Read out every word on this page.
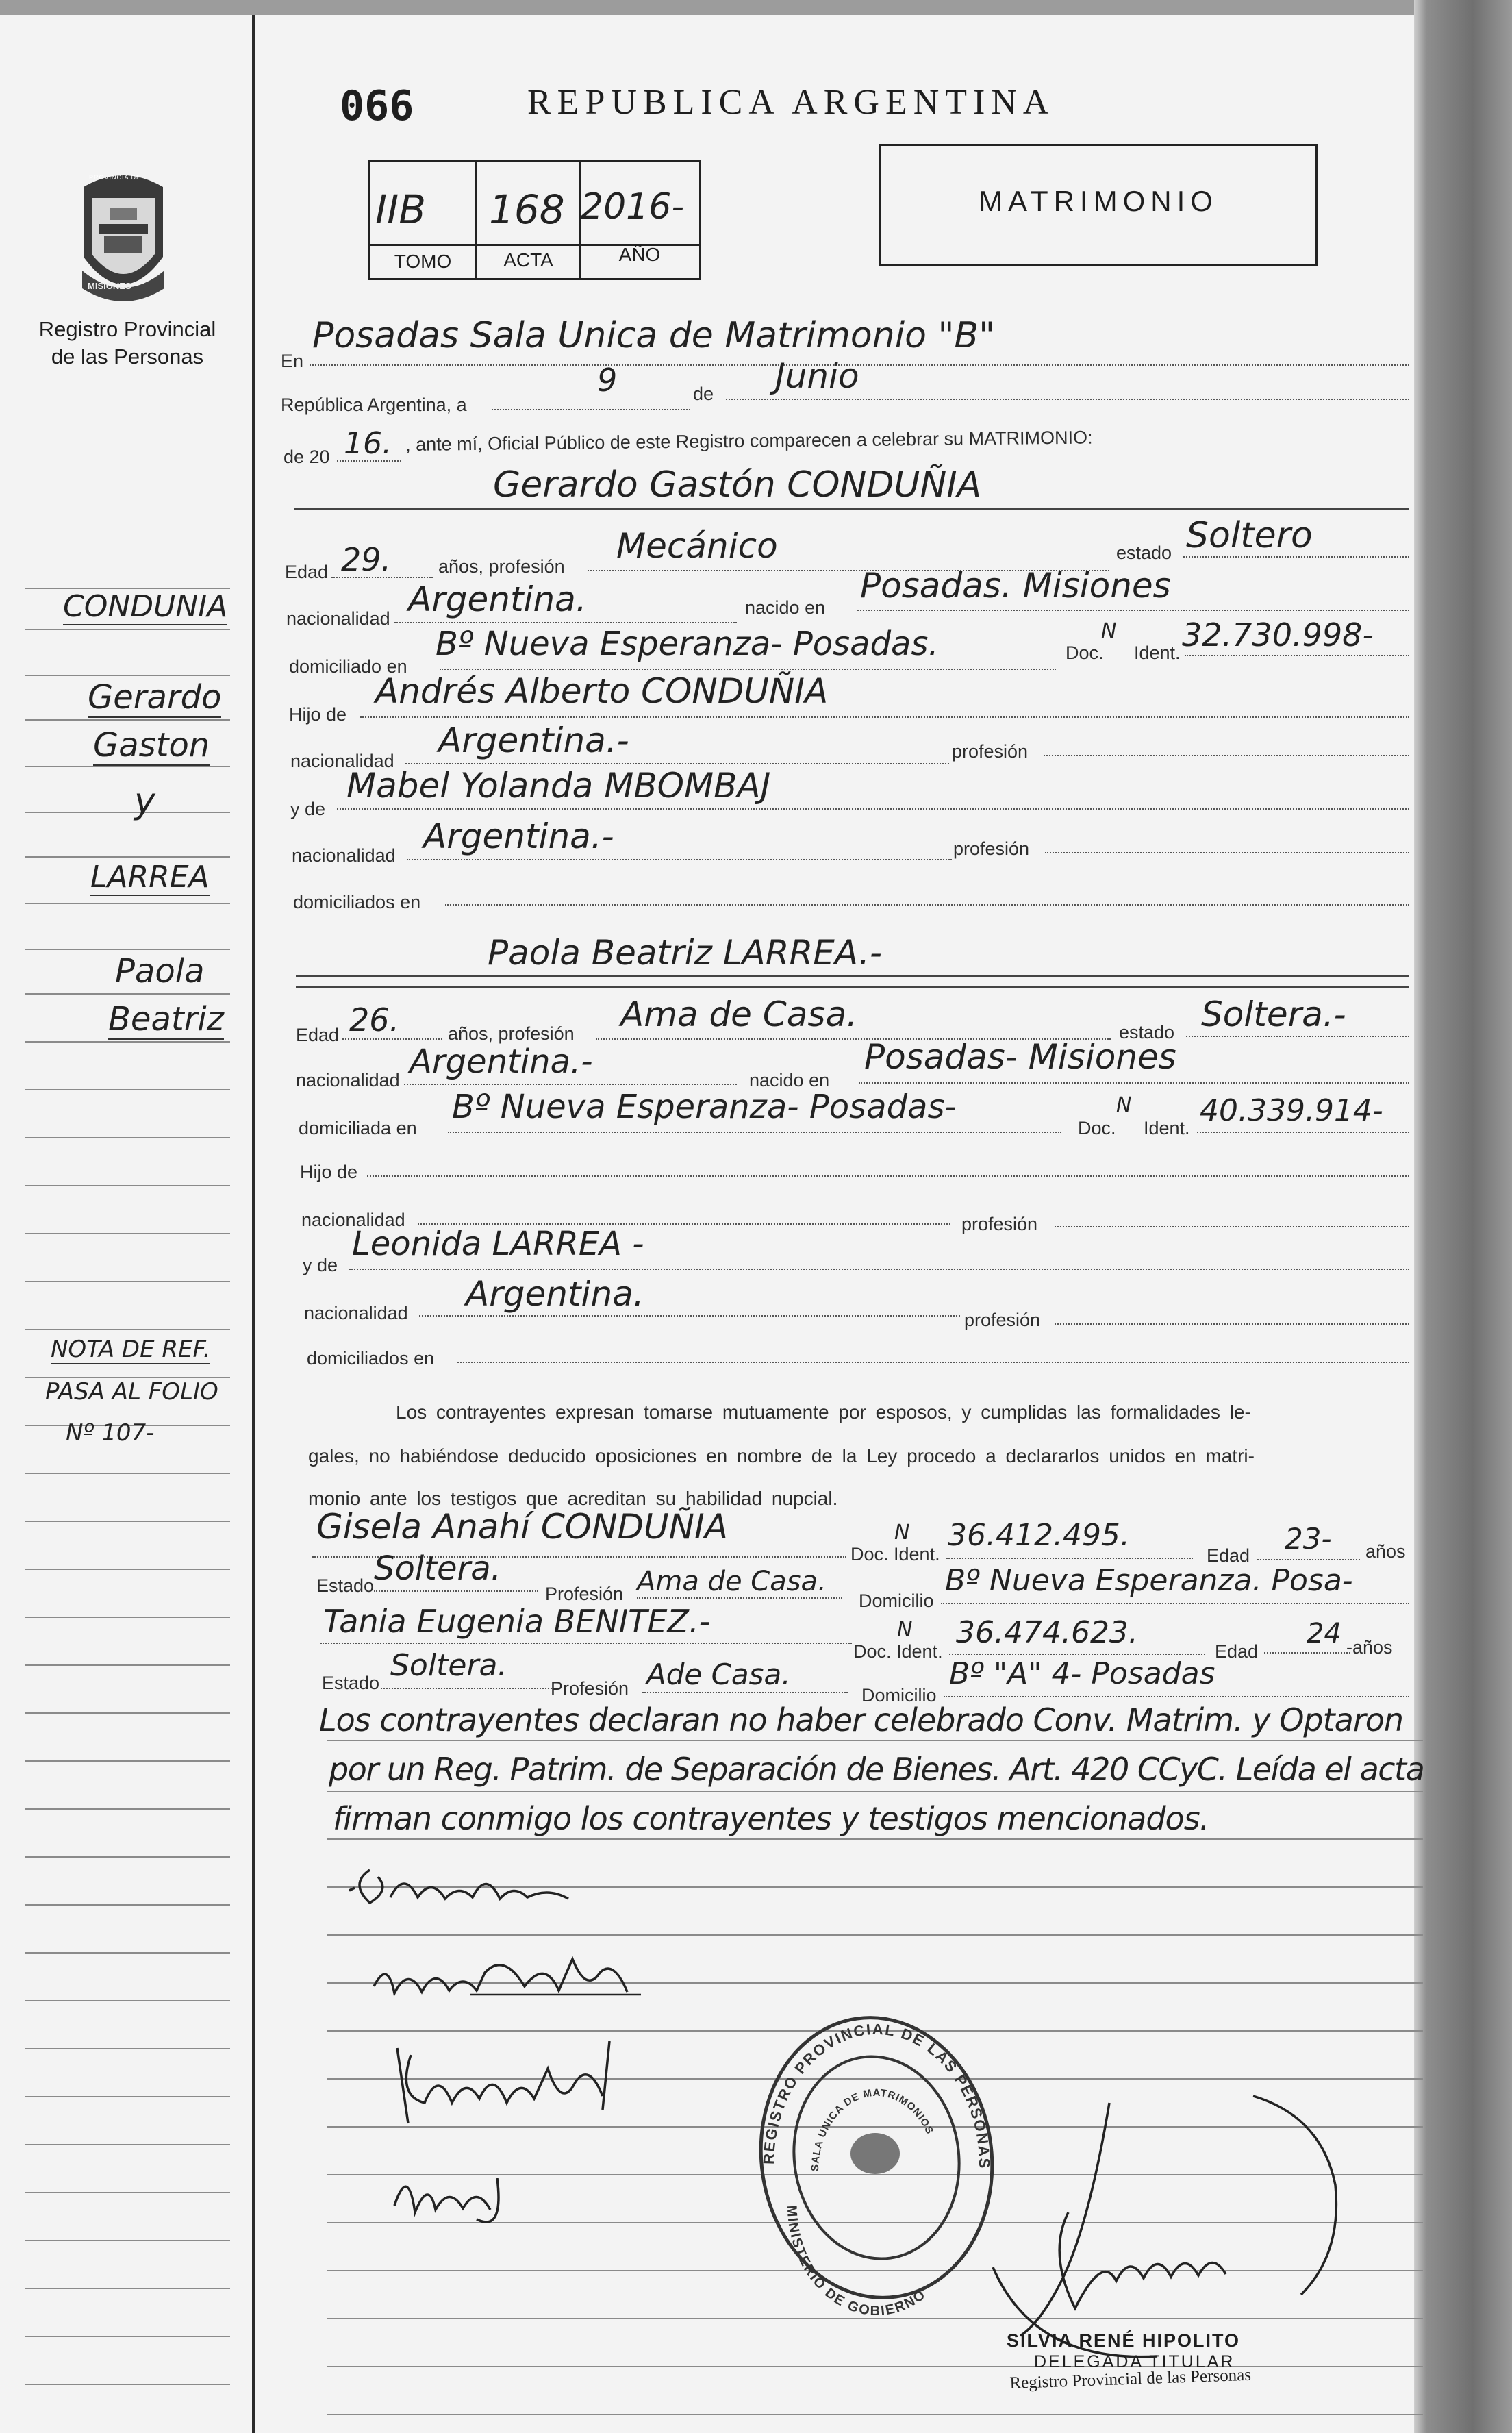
PROVINCIA DE
MISIONES
Registro Provincial
de las Personas
CONDUNIA
Gerardo
Gaston
y
LARREA
Paola
Beatriz
NOTA DE REF.
PASA AL FOLIO
Nº 107-
066	REPUBLICA ARGENTINA
IIB 168 2016-
TOMO	ACTA	AÑO
MATRIMONIO
En
Posadas Sala Unica de Matrimonio "B"
República Argentina, a
9	de Junio
de 20 16. , ante mí, Oficial Público de este Registro comparecen a celebrar su MATRIMONIO:
Gerardo Gastón CONDUÑIA
Edad 29.	años, profesión
Mecánico	estado Soltero
nacionalidad Argentina.	nacido en
Posadas. Misiones
domiciliado en
Bº Nueva Esperanza- Posadas.	Doc.
N
Ident. 32.730.998-
Hijo de
Andrés Alberto CONDUÑIA
nacionalidad
Argentina.-	profesión
y de
Mabel Yolanda MBOMBAJ
nacionalidad Argentina.-	profesión
domiciliados en
Paola Beatriz LARREA.-
Edad 26.	años, profesión Ama de Casa.	estado Soltera.-
nacionalidad Argentina.-	nacido en
Posadas- Misiones
domiciliada en
Bº Nueva Esperanza- Posadas-
Doc.
N
Ident. 40.339.914-
Hijo de
nacionalidad	profesión
y de
Leonida LARREA -
nacionalidad Argentina.
profesión
domiciliados en
Los contrayentes expresan tomarse mutuamente por esposos, y cumplidas las formalidades le-
gales, no habiéndose deducido oposiciones en nombre de la Ley procedo a declararlos unidos en matri-
monio ante los testigos que acreditan su habilidad nupcial.
Gisela Anahí CONDUÑIA	N
Doc. Ident.
36.412.495.
Edad 23- años
Estado Soltera.
Profesión Ama de Casa.
Domicilio
Bº Nueva Esperanza. Posa-
Tania Eugenia BENITEZ.-	N
Doc. Ident.
36.474.623.
Edad
24 -años
Estado Soltera.
Profesión Ade Casa.
Domicilio
Bº "A" 4- Posadas
Los contrayentes declaran no haber celebrado Conv. Matrim. y Optaron
por un Reg. Patrim. de Separación de Bienes. Art. 420 CCyC. Leída el acta
firman conmigo los contrayentes y testigos mencionados.
REGISTRO PROVINCIAL DE LAS PERSONAS
MINISTERIO DE GOBIERNO
SALA UNICA DE MATRIMONIOS
SILVIA RENÉ HIPOLITO
DELEGADA TITULAR
Registro Provincial de las Personas
